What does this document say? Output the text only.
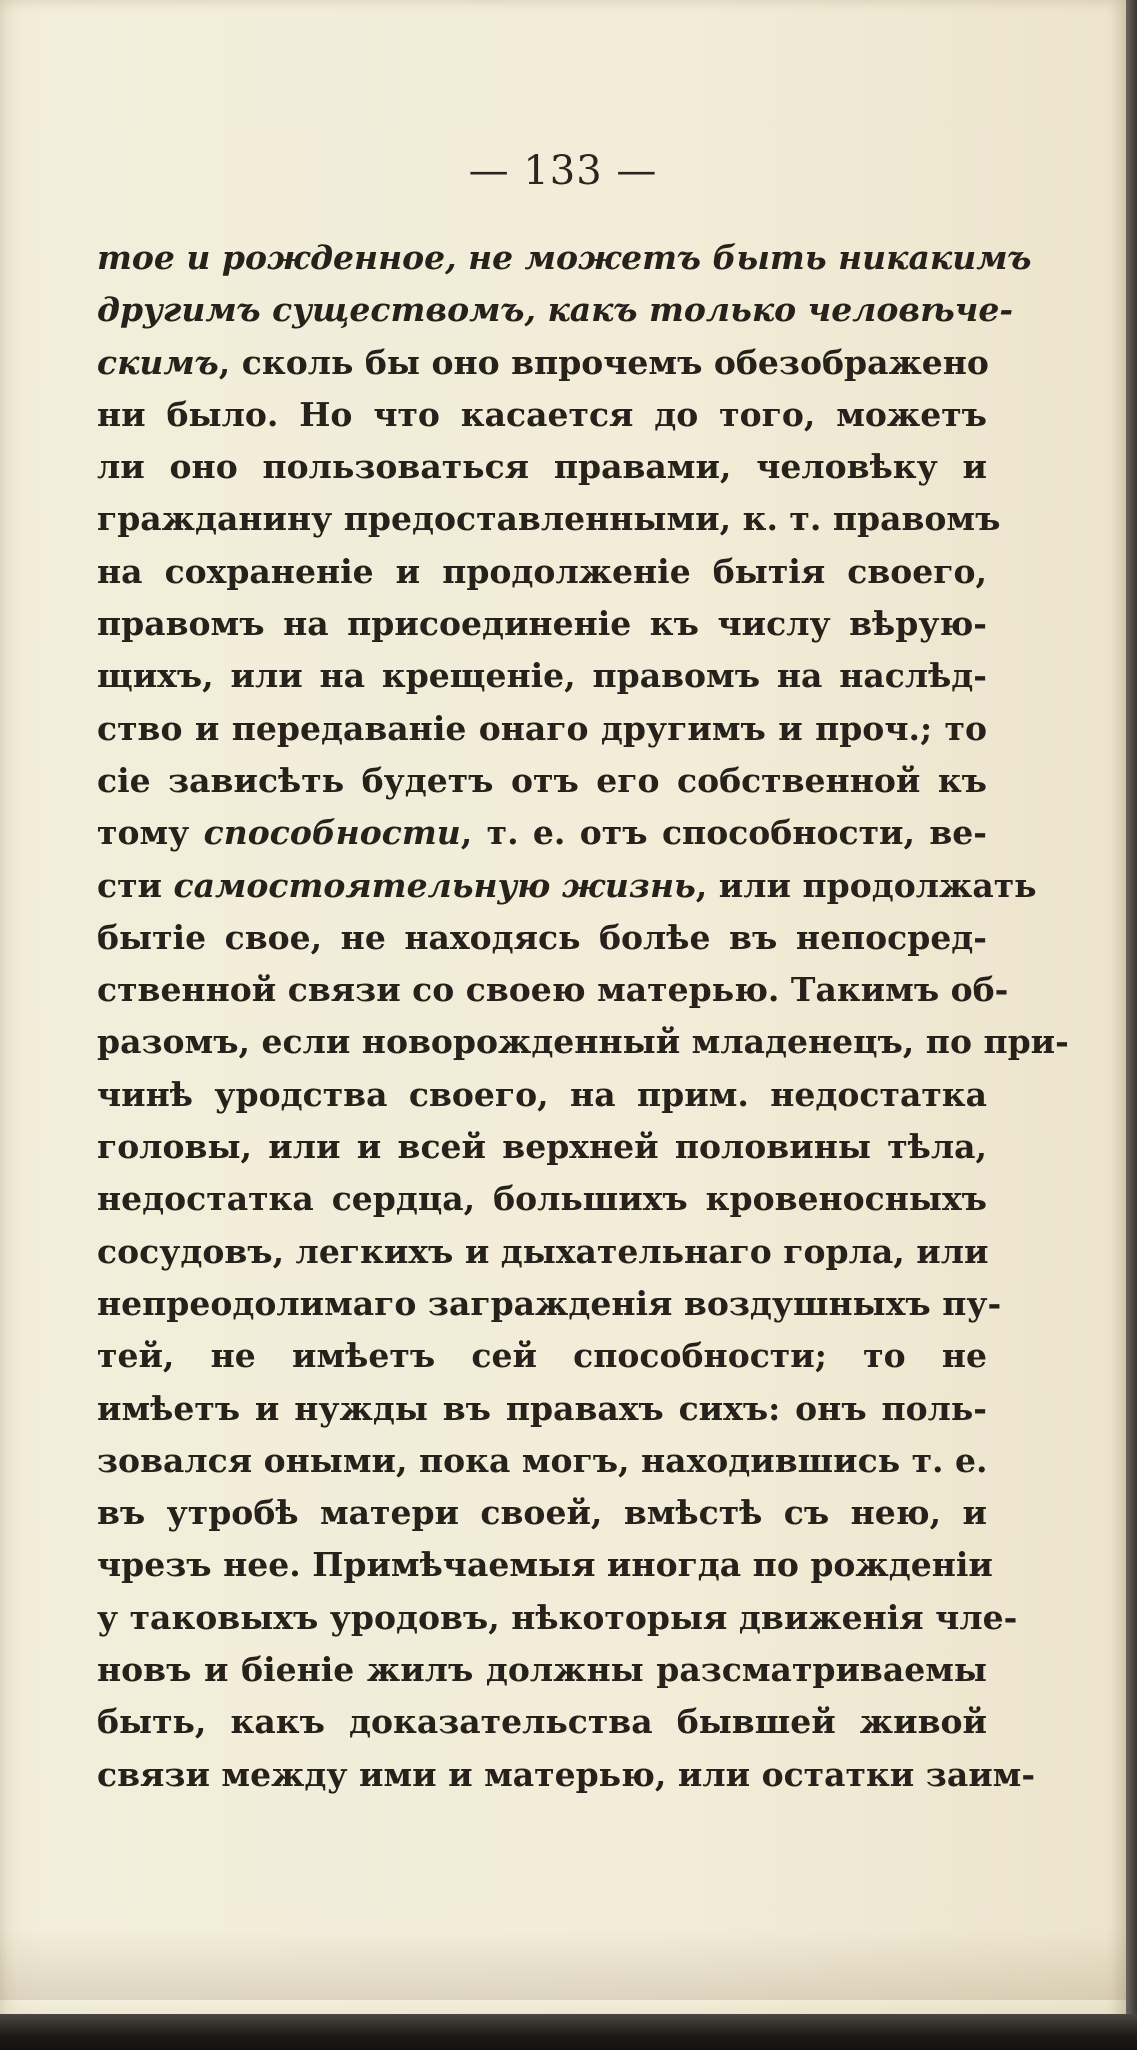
— 133 —
тое и рожденное, не можетъ быть никакимъ
другимъ существомъ, какъ только человѣче-
скимъ, сколь бы оно впрочемъ обезображено
ни было. Но что касается до того, можетъ
ли оно пользоваться правами, человѣку и
гражданину предоставленными, к. т. правомъ
на сохраненіе и продолженіе бытія своего,
правомъ на присоединеніе къ числу вѣрую-
щихъ, или на крещеніе, правомъ на наслѣд-
ство и передаваніе онаго другимъ и проч.; то
сіе зависѣть будетъ отъ его собственной къ
тому способности, т. е. отъ способности, ве-
сти самостоятельную жизнь, или продолжать
бытіе свое, не находясь болѣе въ непосред-
ственной связи со своею матерью. Такимъ об-
разомъ, если новорожденный младенецъ, по при-
чинѣ уродства своего, на прим. недостатка
головы, или и всей верхней половины тѣла,
недостатка сердца, большихъ кровеносныхъ
сосудовъ, легкихъ и дыхательнаго горла, или
непреодолимаго загражденія воздушныхъ пу-
тей, не имѣетъ сей способности; то не
имѣетъ и нужды въ правахъ сихъ: онъ поль-
зовался оными, пока могъ, находившись т. е.
въ утробѣ матери своей, вмѣстѣ съ нею, и
чрезъ нее. Примѣчаемыя иногда по рожденіи
у таковыхъ уродовъ, нѣкоторыя движенія чле-
новъ и біеніе жилъ должны разсматриваемы
быть, какъ доказательства бывшей живой
связи между ими и матерью, или остатки заим-
